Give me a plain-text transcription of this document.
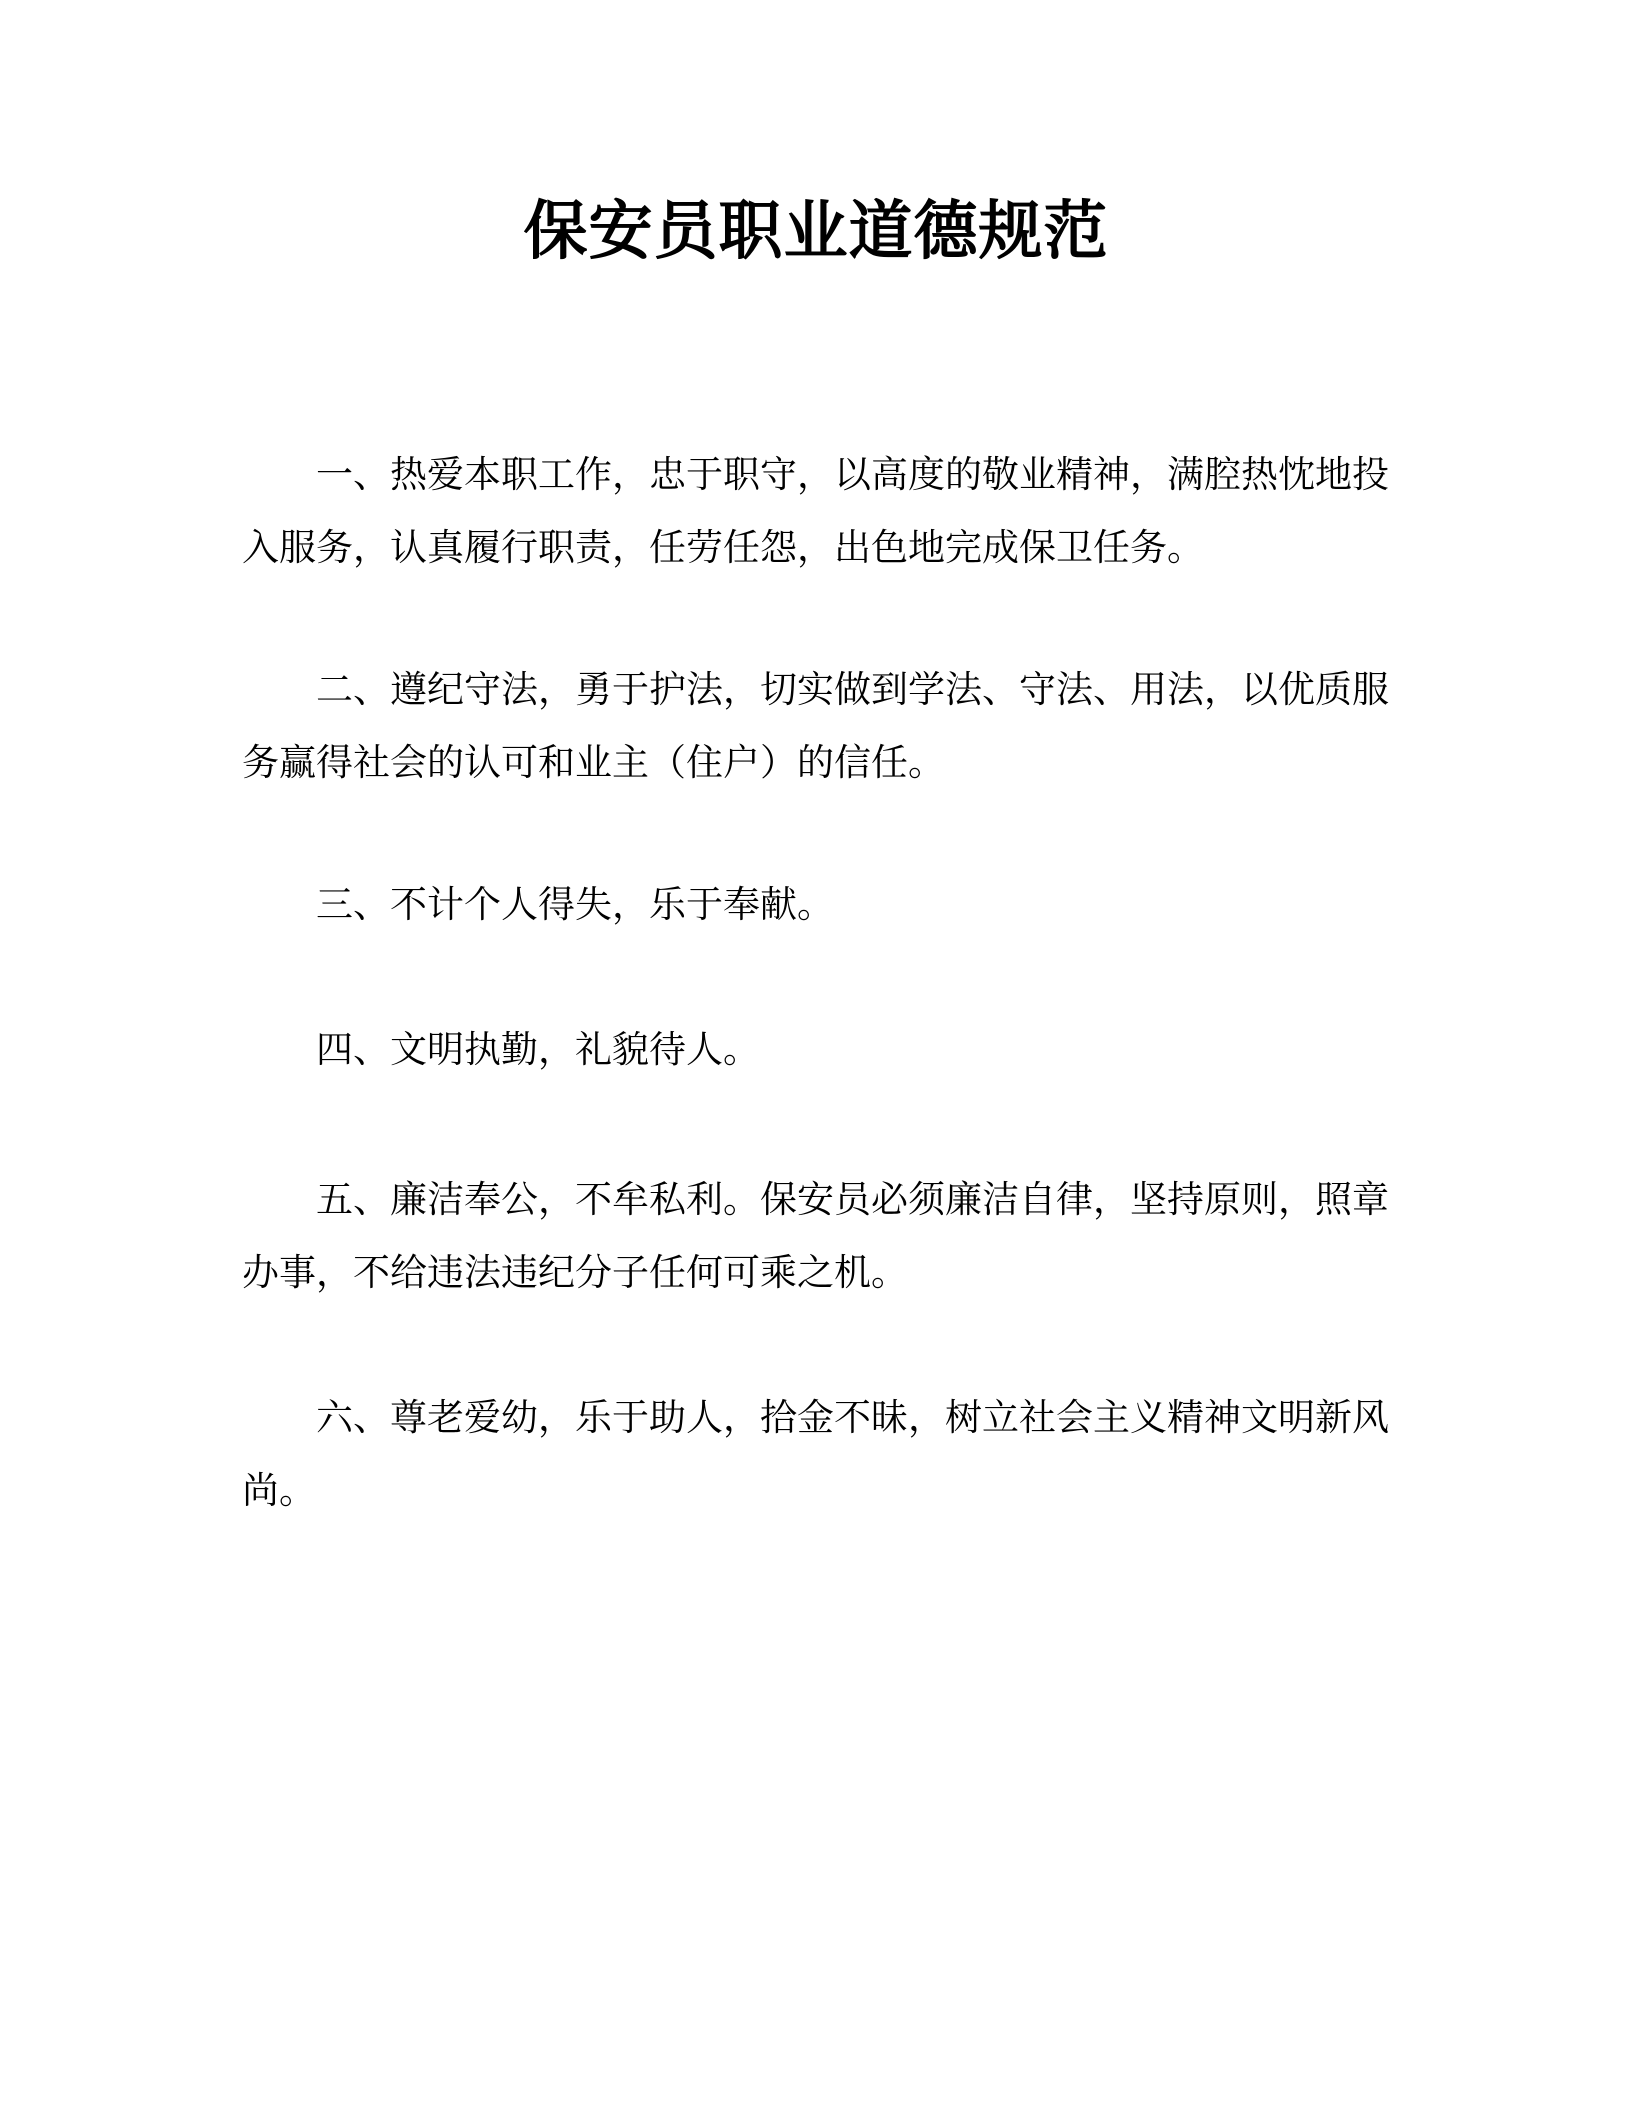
保安员职业道德规范

一、热爱本职工作，忠于职守，以高度的敬业精神，满腔热忱地投入服务，认真履行职责，任劳任怨，出色地完成保卫任务。

二、遵纪守法，勇于护法，切实做到学法、守法、用法，以优质服务赢得社会的认可和业主（住户）的信任。

三、不计个人得失，乐于奉献。

四、文明执勤，礼貌待人。

五、廉洁奉公，不牟私利。保安员必须廉洁自律，坚持原则，照章办事，不给违法违纪分子任何可乘之机。

六、尊老爱幼，乐于助人，拾金不昧，树立社会主义精神文明新风尚。
